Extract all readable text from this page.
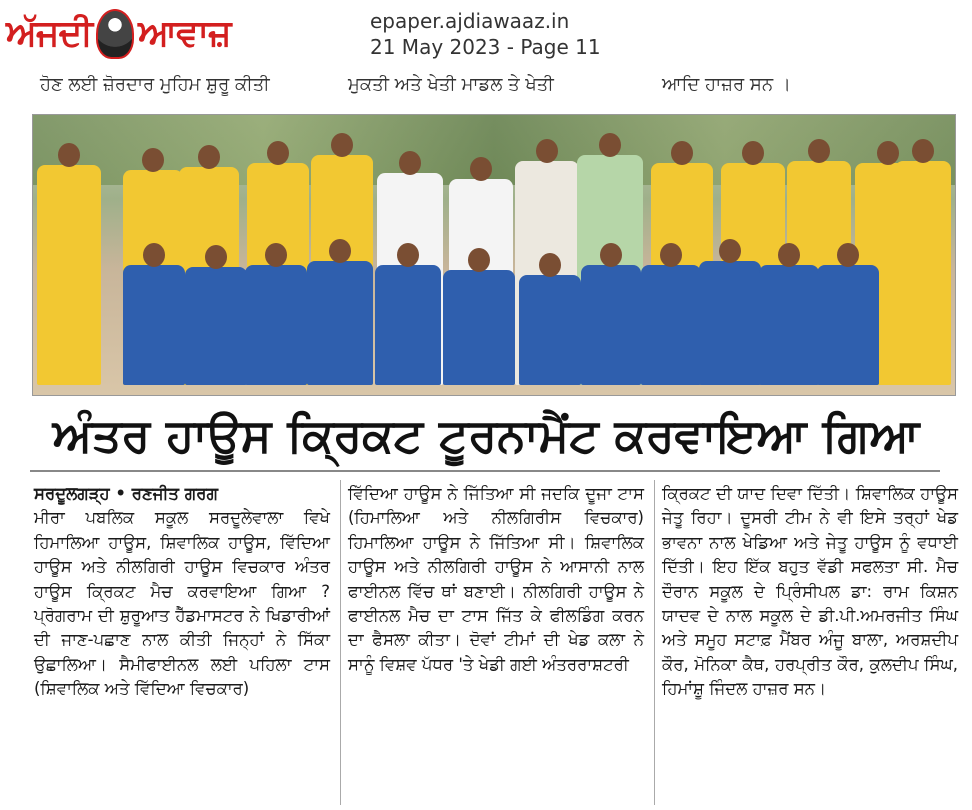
ਅੱਜਦੀ ਆਵਾਜ਼	epaper.ajdiawaaz.in
21 May 2023 - Page 11
ਹੋਣ ਲਈ ਜ਼ੋਰਦਾਰ ਮੁਹਿਮ ਸ਼ੁਰੂ ਕੀਤੀ	ਮੁਕਤੀ ਅਤੇ ਖੇਤੀ ਮਾਡਲ ਤੇ ਖੇਤੀ	ਆਦਿ ਹਾਜ਼ਰ ਸਨ ।
ਅੰਤਰ ਹਾਊਸ ਕ੍ਰਿਕਟ ਟੂਰਨਾਮੈਂਟ ਕਰਵਾਇਆ ਗਿਆ
ਸਰਦੂਲਗੜ੍ਹ • ਰਣਜੀਤ ਗਰਗ
ਮੀਰਾ ਪਬਲਿਕ ਸਕੂਲ ਸਰਦੂਲੇਵਾਲਾ ਵਿਖੇ ਹਿਮਾਲਿਆ ਹਾਊਸ, ਸ਼ਿਵਾਲਿਕ ਹਾਊਸ, ਵਿੱਦਿਆ ਹਾਊਸ ਅਤੇ ਨੀਲਗਿਰੀ ਹਾਊਸ ਵਿਚਕਾਰ ਅੰਤਰ ਹਾਊਸ ਕ੍ਰਿਕਟ ਮੈਚ ਕਰਵਾਇਆ ਗਿਆ ? ਪ੍ਰੋਗਰਾਮ ਦੀ ਸ਼ੁਰੂਆਤ ਹੈੱਡਮਾਸਟਰ ਨੇ ਖਿਡਾਰੀਆਂ ਦੀ ਜਾਣ-ਪਛਾਣ ਨਾਲ ਕੀਤੀ ਜਿਨ੍ਹਾਂ ਨੇ ਸਿੱਕਾ ਉਛਾਲਿਆ। ਸੈਮੀਫਾਈਨਲ ਲਈ ਪਹਿਲਾ ਟਾਸ (ਸ਼ਿਵਾਲਿਕ ਅਤੇ ਵਿੱਦਿਆ ਵਿਚਕਾਰ)
ਵਿੱਦਿਆ ਹਾਊਸ ਨੇ ਜਿੱਤਿਆ ਸੀ ਜਦਕਿ ਦੂਜਾ ਟਾਸ (ਹਿਮਾਲਿਆ ਅਤੇ ਨੀਲਗਿਰੀਸ ਵਿਚਕਾਰ) ਹਿਮਾਲਿਆ ਹਾਊਸ ਨੇ ਜਿੱਤਿਆ ਸੀ। ਸ਼ਿਵਾਲਿਕ ਹਾਊਸ ਅਤੇ ਨੀਲਗਿਰੀ ਹਾਊਸ ਨੇ ਆਸਾਨੀ ਨਾਲ ਫਾਈਨਲ ਵਿੱਚ ਥਾਂ ਬਣਾਈ। ਨੀਲਗਿਰੀ ਹਾਊਸ ਨੇ ਫਾਈਨਲ ਮੈਚ ਦਾ ਟਾਸ ਜਿੱਤ ਕੇ ਫੀਲਡਿੰਗ ਕਰਨ ਦਾ ਫੈਸਲਾ ਕੀਤਾ। ਦੋਵਾਂ ਟੀਮਾਂ ਦੀ ਖੇਡ ਕਲਾ ਨੇ ਸਾਨੂੰ ਵਿਸ਼ਵ ਪੱਧਰ 'ਤੇ ਖੇਡੀ ਗਈ ਅੰਤਰਰਾਸ਼ਟਰੀ
ਕ੍ਰਿਕਟ ਦੀ ਯਾਦ ਦਿਵਾ ਦਿੱਤੀ। ਸ਼ਿਵਾਲਿਕ ਹਾਊਸ ਜੇਤੂ ਰਿਹਾ। ਦੂਸਰੀ ਟੀਮ ਨੇ ਵੀ ਇਸੇ ਤਰ੍ਹਾਂ ਖੇਡ ਭਾਵਨਾ ਨਾਲ ਖੇਡਿਆ ਅਤੇ ਜੇਤੂ ਹਾਊਸ ਨੂੰ ਵਧਾਈ ਦਿੱਤੀ। ਇਹ ਇੱਕ ਬਹੁਤ ਵੱਡੀ ਸਫਲਤਾ ਸੀ. ਮੈਚ ਦੌਰਾਨ ਸਕੂਲ ਦੇ ਪ੍ਰਿੰਸੀਪਲ ਡਾ: ਰਾਮ ਕਿਸ਼ਨ ਯਾਦਵ ਦੇ ਨਾਲ ਸਕੂਲ ਦੇ ਡੀ.ਪੀ.ਅਮਰਜੀਤ ਸਿੰਘ ਅਤੇ ਸਮੂਹ ਸਟਾਫ਼ ਮੈਂਬਰ ਅੰਜੂ ਬਾਲਾ, ਅਰਸ਼ਦੀਪ ਕੌਰ, ਮੋਨਿਕਾ ਕੈਥ, ਹਰਪ੍ਰੀਤ ਕੌਰ, ਕੁਲਦੀਪ ਸਿੰਘ, ਹਿਮਾਂਸ਼ੂ ਜਿੰਦਲ ਹਾਜ਼ਰ ਸਨ।
